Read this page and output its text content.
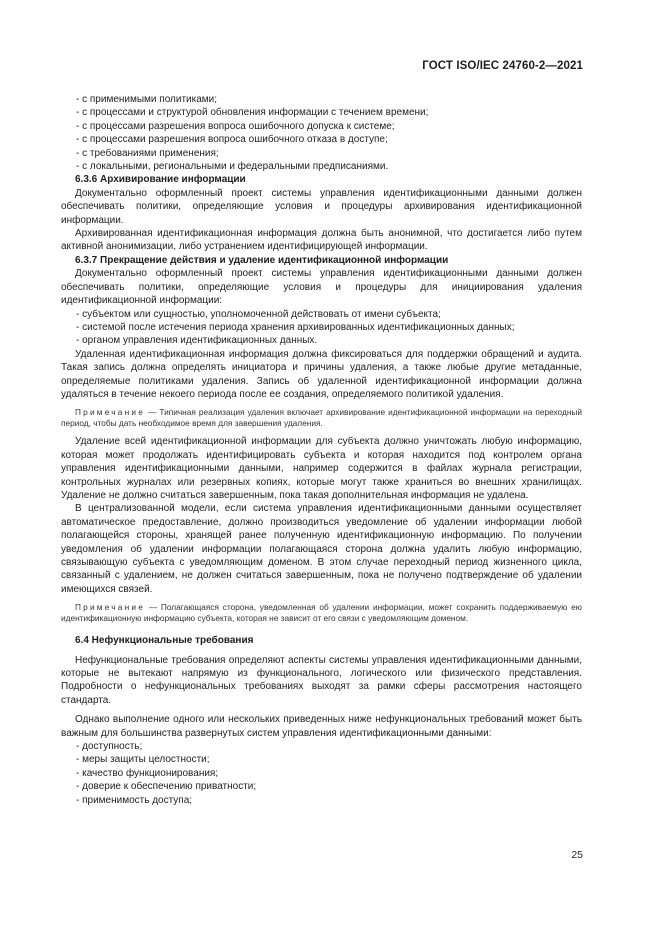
ГОСТ ISO/IEC 24760-2—2021

- с применимыми политиками;

- с процессами и структурой обновления информации с течением времени;

- с процессами разрешения вопроса ошибочного допуска к системе;

- с процессами разрешения вопроса ошибочного отказа в доступе;

- с требованиями применения;

- с локальными, региональными и федеральными предписаниями.

6.3.6 Архивирование информации

Документально оформленный проект системы управления идентификационными данными должен обеспечивать политики, определяющие условия и процедуры архивирования идентификационной информации.

Архивированная идентификационная информация должна быть анонимной, что достигается либо путем активной анонимизации, либо устранением идентифицирующей информации.

6.3.7 Прекращение действия и удаление идентификационной информации

Документально оформленный проект системы управления идентификационными данными должен обеспечивать политики, определяющие условия и процедуры для инициирования удаления идентификационной информации:

- субъектом или сущностью, уполномоченной действовать от имени субъекта;

- системой после истечения периода хранения архивированных идентификационных данных;

- органом управления идентификационных данных.

Удаленная идентификационная информация должна фиксироваться для поддержки обращений и аудита. Такая запись должна определять инициатора и причины удаления, а также любые другие метаданные, определяемые политиками удаления. Запись об удаленной идентификационной информации должна удаляться в течение некоего периода после ее создания, определяемого политикой удаления.

Примечание — Типичная реализация удаления включает архивирование идентификационной информации на переходный период, чтобы дать необходимое время для завершения удаления.

Удаление всей идентификационной информации для субъекта должно уничтожать любую информацию, которая может продолжать идентифицировать субъекта и которая находится под контролем органа управления идентификационными данными, например содержится в файлах журнала регистрации, контрольных журналах или резервных копиях, которые могут также храниться во внешних хранилищах. Удаление не должно считаться завершенным, пока такая дополнительная информация не удалена.

В централизованной модели, если система управления идентификационными данными осуществляет автоматическое предоставление, должно производиться уведомление об удалении информации любой полагающейся стороны, хранящей ранее полученную идентификационную информацию. По получении уведомления об удалении информации полагающаяся сторона должна удалить любую информацию, связывающую субъекта с уведомляющим доменом. В этом случае переходный период жизненного цикла, связанный с удалением, не должен считаться завершенным, пока не получено подтверждение об удалении имеющихся связей.

Примечание — Полагающаяся сторона, уведомленная об удалении информации, может сохранить поддерживаемую ею идентификационную информацию субъекта, которая не зависит от его связи с уведомляющим доменом.

6.4 Нефункциональные требования

Нефункциональные требования определяют аспекты системы управления идентификационными данными, которые не вытекают напрямую из функционального, логического или физического представления. Подробности о нефункциональных требованиях выходят за рамки сферы рассмотрения настоящего стандарта.

Однако выполнение одного или нескольких приведенных ниже нефункциональных требований может быть важным для большинства развернутых систем управления идентификационными данными:

- доступность;

- меры защиты целостности;

- качество функционирования;

- доверие к обеспечению приватности;

- применимость доступа;

25
